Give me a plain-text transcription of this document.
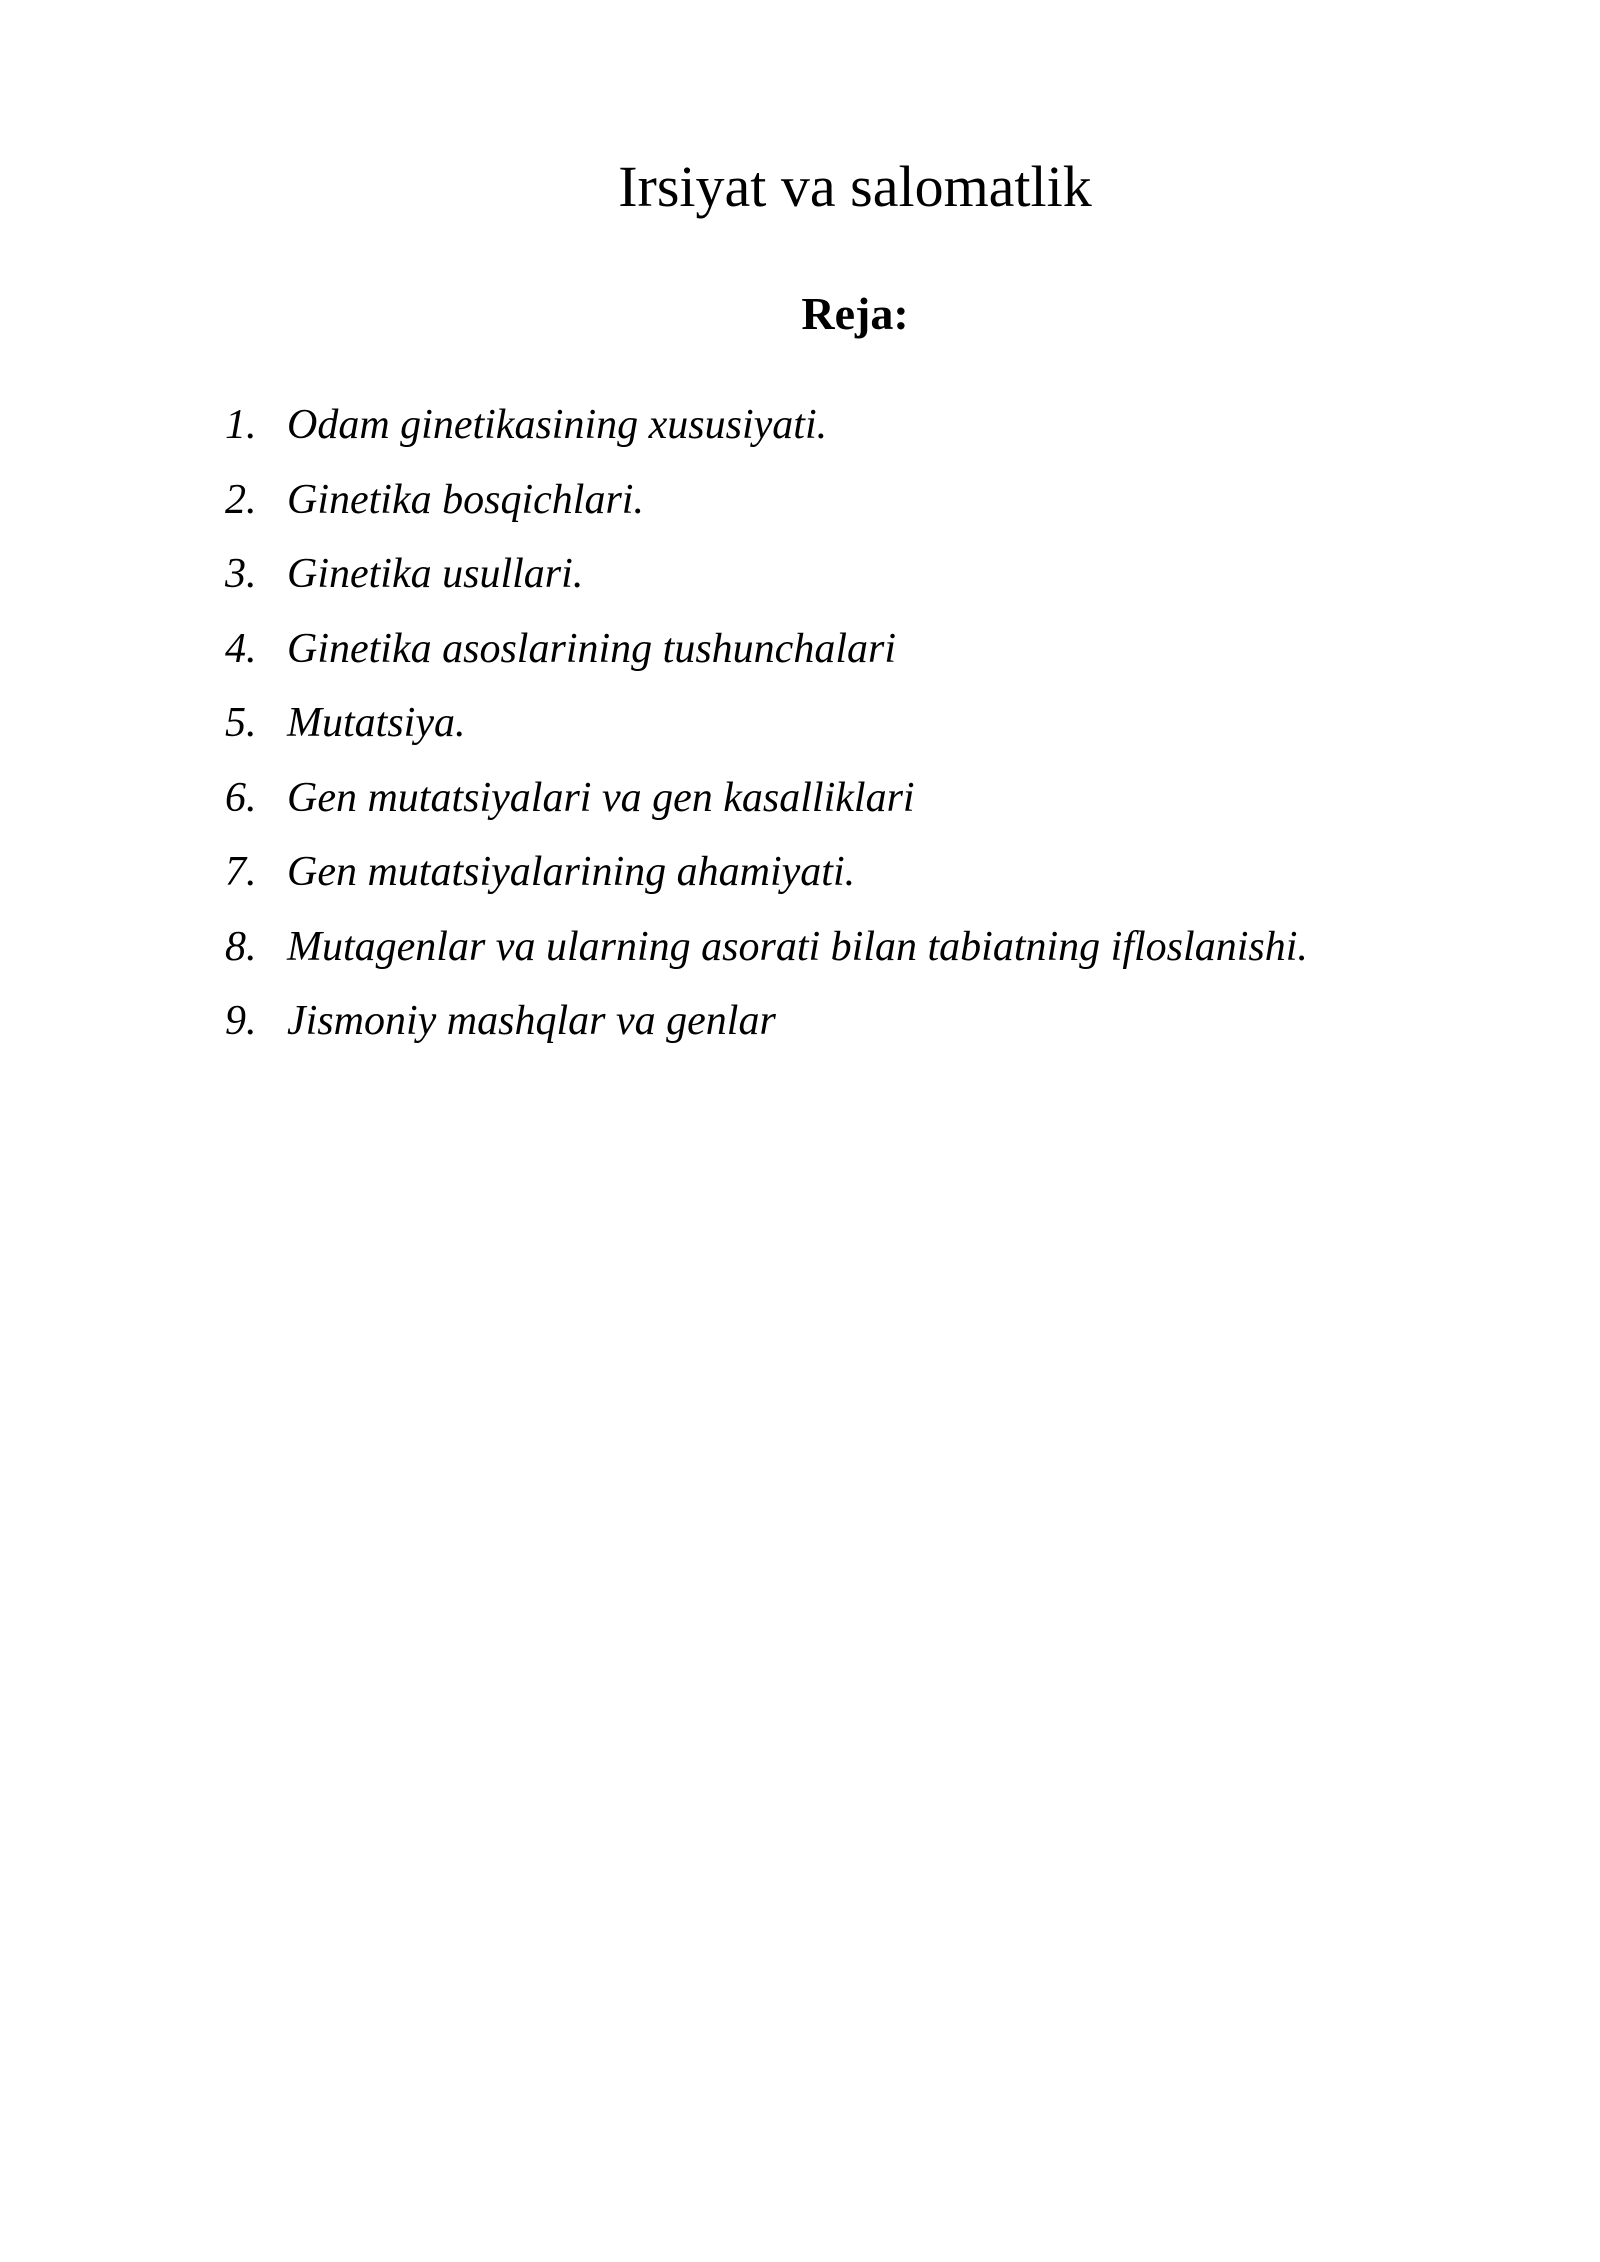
Irsiyat va salomatlik
Reja:
1. Odam ginetikasining xususiyati.
2. Ginetika bosqichlari.
3. Ginetika usullari.
4. Ginetika asoslarining tushunchalari
5. Mutatsiya.
6. Gen mutatsiyalari va gen kasalliklari
7. Gen mutatsiyalarining ahamiyati.
8. Mutagenlar va ularning asorati bilan tabiatning ifloslanishi.
9. Jismoniy mashqlar va genlar
